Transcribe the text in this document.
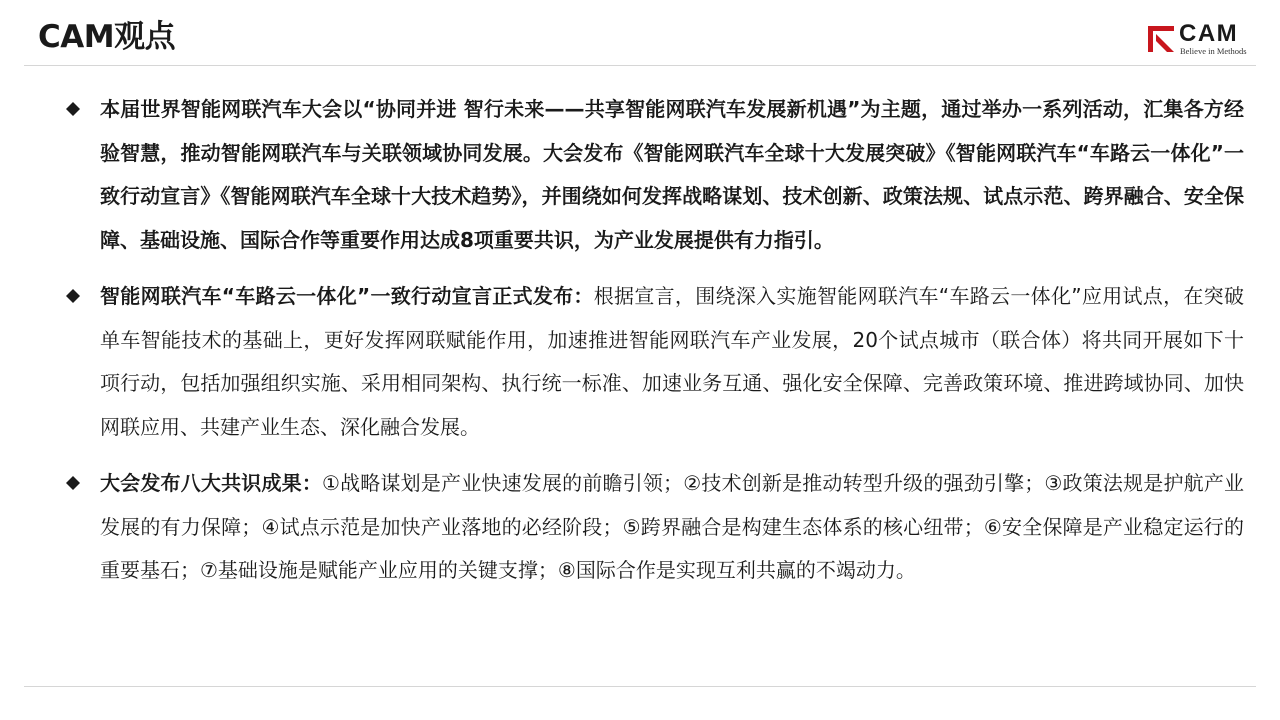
CAM观点	CAM
Believe in Methods
本届世界智能网联汽车大会以“协同并进 智行未来——共享智能网联汽车发展新机遇”为主题，通过举办一系列活动，汇集各方经验智慧，推动智能网联汽车与关联领域协同发展。大会发布《智能网联汽车全球十大发展突破》《智能网联汽车“车路云一体化”一致行动宣言》《智能网联汽车全球十大技术趋势》，并围绕如何发挥战略谋划、技术创新、政策法规、试点示范、跨界融合、安全保障、基础设施、国际合作等重要作用达成8项重要共识，为产业发展提供有力指引。
智能网联汽车“车路云一体化”一致行动宣言正式发布：根据宣言，围绕深入实施智能网联汽车“车路云一体化”应用试点，在突破单车智能技术的基础上，更好发挥网联赋能作用，加速推进智能网联汽车产业发展，20个试点城市（联合体）将共同开展如下十项行动，包括加强组织实施、采用相同架构、执行统一标准、加速业务互通、强化安全保障、完善政策环境、推进跨域协同、加快网联应用、共建产业生态、深化融合发展。
大会发布八大共识成果：①战略谋划是产业快速发展的前瞻引领；②技术创新是推动转型升级的强劲引擎；③政策法规是护航产业发展的有力保障；④试点示范是加快产业落地的必经阶段；⑤跨界融合是构建生态体系的核心纽带；⑥安全保障是产业稳定运行的重要基石；⑦基础设施是赋能产业应用的关键支撑；⑧国际合作是实现互利共赢的不竭动力。
